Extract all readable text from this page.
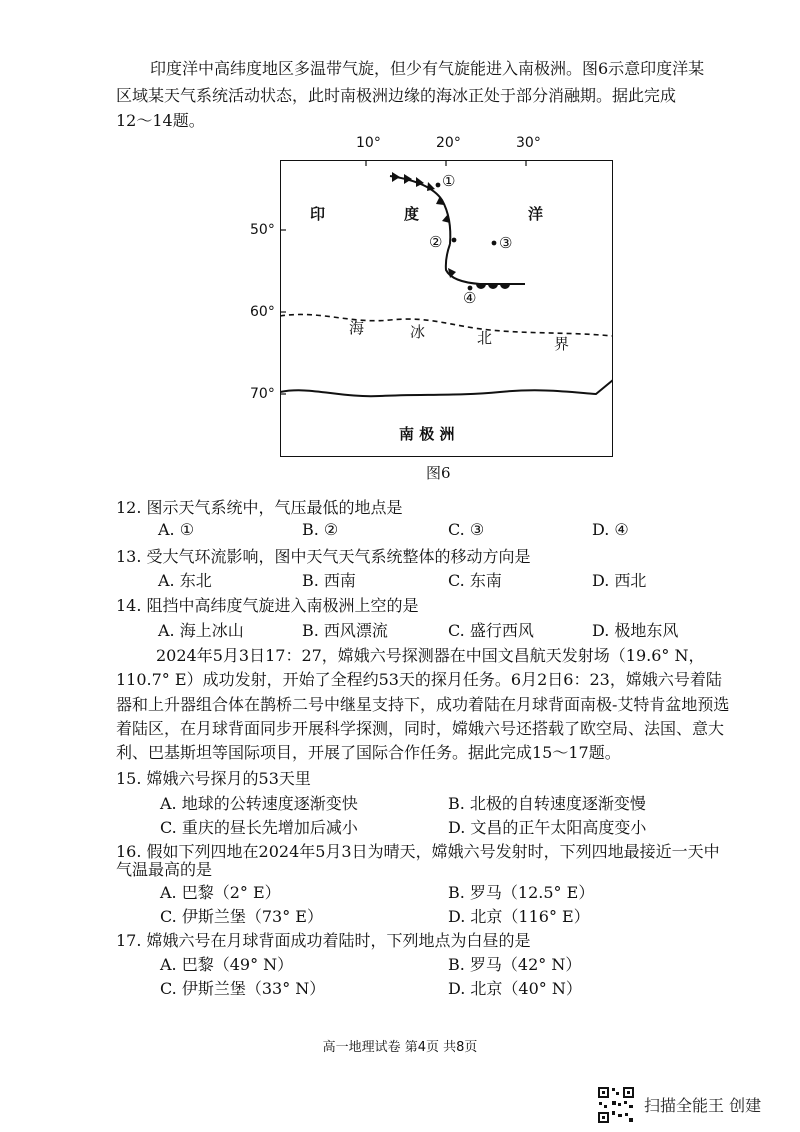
印度洋中高纬度地区多温带气旋，但少有气旋能进入南极洲。图6示意印度洋某
区域某天气系统活动状态，此时南极洲边缘的海冰正处于部分消融期。据此完成
12～14题。
10°	20°	30°
50°
60°
70°
①
②	③
④
印	度	洋
海	冰	北	界
南 极 洲
图6
12. 图示天气系统中，气压最低的地点是
A. ①	B. ②	C. ③	D. ④
13. 受大气环流影响，图中天气天气系统整体的移动方向是
A. 东北	B. 西南	C. 东南	D. 西北
14. 阻挡中高纬度气旋进入南极洲上空的是
A. 海上冰山	B. 西风漂流	C. 盛行西风	D. 极地东风
2024年5月3日17：27，嫦娥六号探测器在中国文昌航天发射场（19.6° N，
110.7° E）成功发射，开始了全程约53天的探月任务。6月2日6：23，嫦娥六号着陆
器和上升器组合体在鹊桥二号中继星支持下，成功着陆在月球背面南极-艾特肯盆地预选
着陆区，在月球背面同步开展科学探测，同时，嫦娥六号还搭载了欧空局、法国、意大
利、巴基斯坦等国际项目，开展了国际合作任务。据此完成15～17题。
15. 嫦娥六号探月的53天里
A. 地球的公转速度逐渐变快	B. 北极的自转速度逐渐变慢
C. 重庆的昼长先增加后减小	D. 文昌的正午太阳高度变小
16. 假如下列四地在2024年5月3日为晴天，嫦娥六号发射时，下列四地最接近一天中
气温最高的是
A. 巴黎（2° E）	B. 罗马（12.5° E）
C. 伊斯兰堡（73° E）	D. 北京（116° E）
17. 嫦娥六号在月球背面成功着陆时，下列地点为白昼的是
A. 巴黎（49° N）	B. 罗马（42° N）
C. 伊斯兰堡（33° N）	D. 北京（40° N）
高一地理试卷 第4页 共8页
扫描全能王 创建
